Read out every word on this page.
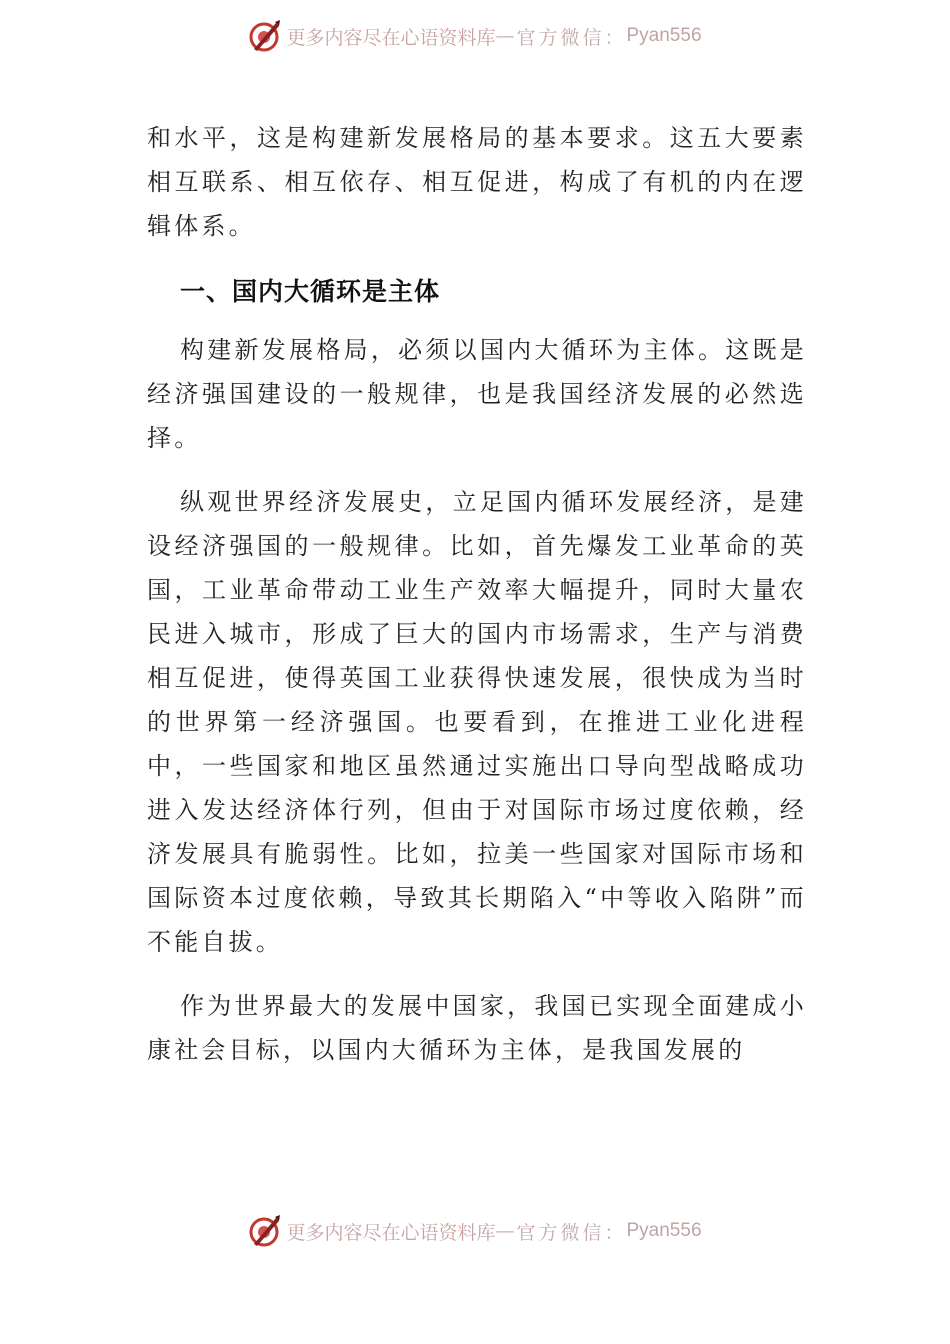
更多内容尽在心语资料库 — 官方微信： Pyan556

和水平，这是构建新发展格局的基本要求。这五大要素相互联系、相互依存、相互促进，构成了有机的内在逻辑体系。

一、国内大循环是主体

构建新发展格局，必须以国内大循环为主体。这既是经济强国建设的一般规律，也是我国经济发展的必然选择。

纵观世界经济发展史，立足国内循环发展经济，是建设经济强国的一般规律。比如，首先爆发工业革命的英国，工业革命带动工业生产效率大幅提升，同时大量农民进入城市，形成了巨大的国内市场需求，生产与消费相互促进，使得英国工业获得快速发展，很快成为当时的世界第一经济强国。也要看到，在推进工业化进程中，一些国家和地区虽然通过实施出口导向型战略成功进入发达经济体行列，但由于对国际市场过度依赖，经济发展具有脆弱性。比如，拉美一些国家对国际市场和国际资本过度依赖，导致其长期陷入“中等收入陷阱”而不能自拔。

作为世界最大的发展中国家，我国已实现全面建成小康社会目标，以国内大循环为主体，是我国发展的

更多内容尽在心语资料库 — 官方微信： Pyan556
